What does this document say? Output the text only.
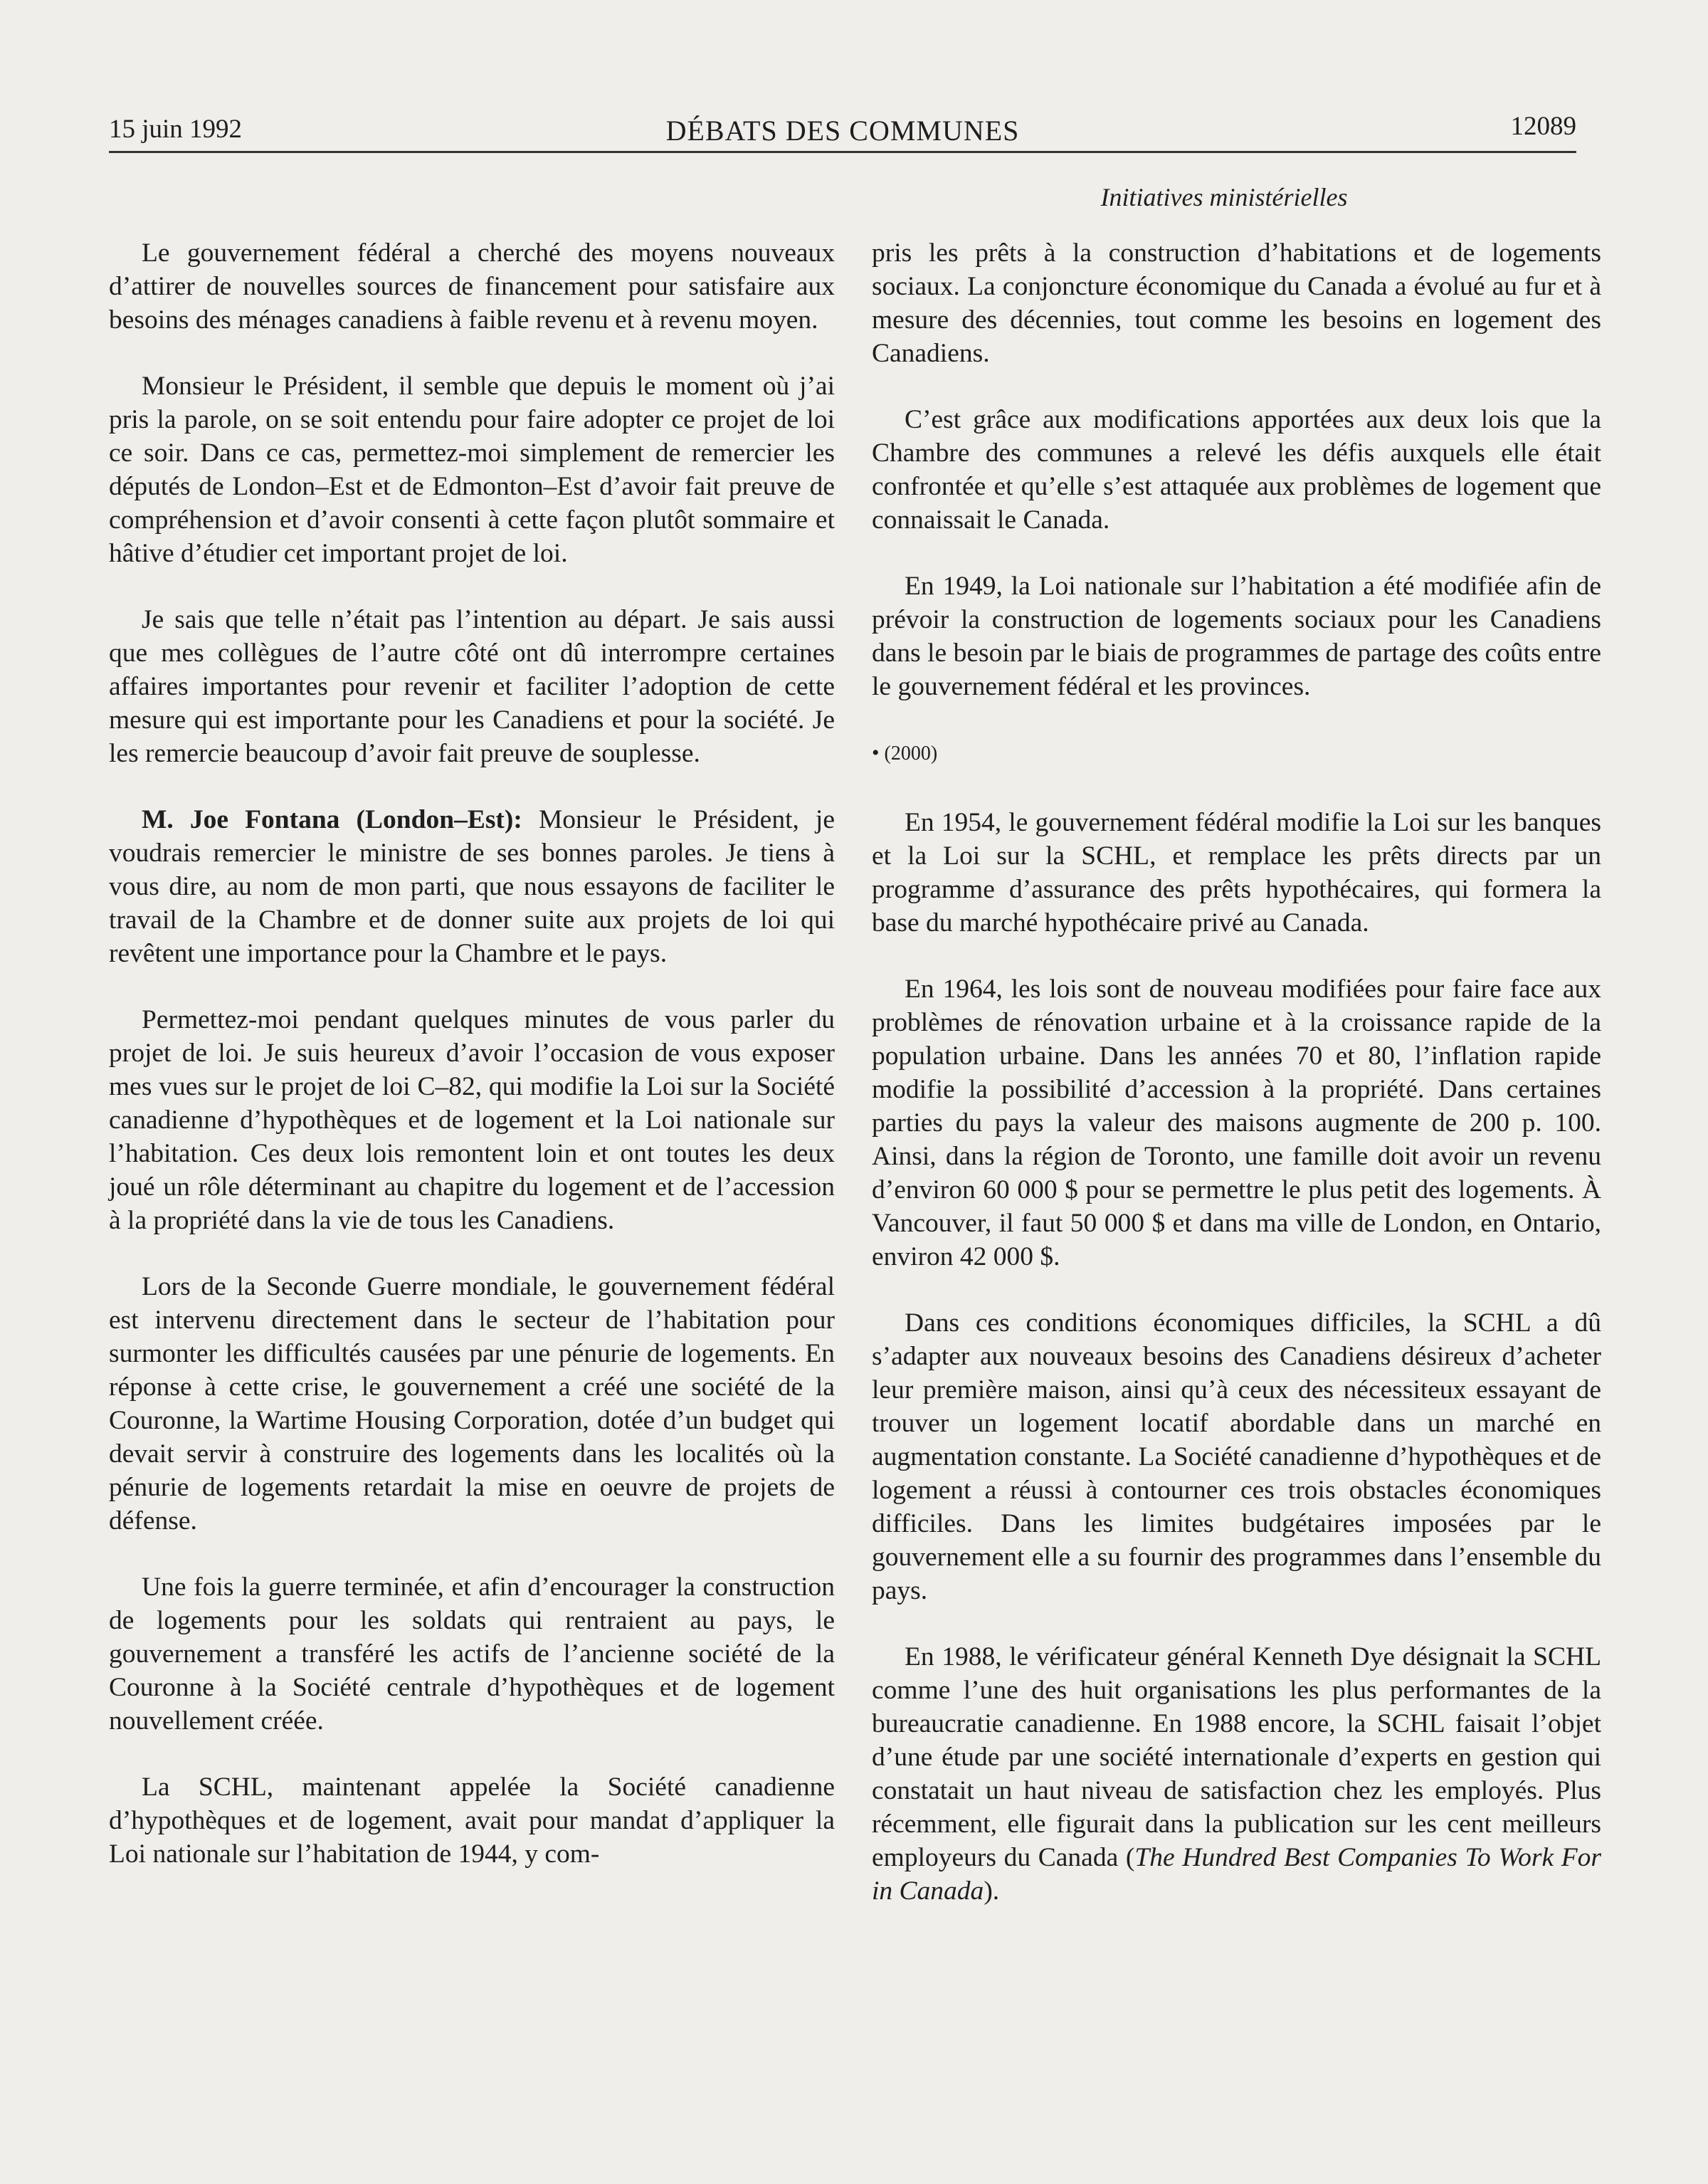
15 juin 1992	DÉBATS DES COMMUNES	12089
Initiatives ministérielles

Le gouvernement fédéral a cherché des moyens nouveaux d’attirer de nouvelles sources de financement pour satisfaire aux besoins des ménages canadiens à faible revenu et à revenu moyen.

Monsieur le Président, il semble que depuis le moment où j’ai pris la parole, on se soit entendu pour faire adopter ce projet de loi ce soir. Dans ce cas, permettez-moi simplement de remercier les députés de London–Est et de Edmonton–Est d’avoir fait preuve de compréhension et d’avoir consenti à cette façon plutôt sommaire et hâtive d’étudier cet important projet de loi.

Je sais que telle n’était pas l’intention au départ. Je sais aussi que mes collègues de l’autre côté ont dû interrompre certaines affaires importantes pour revenir et faciliter l’adoption de cette mesure qui est importante pour les Canadiens et pour la société. Je les remercie beaucoup d’avoir fait preuve de souplesse.

M. Joe Fontana (London–Est): Monsieur le Président, je voudrais remercier le ministre de ses bonnes paroles. Je tiens à vous dire, au nom de mon parti, que nous essayons de faciliter le travail de la Chambre et de donner suite aux projets de loi qui revêtent une importance pour la Chambre et le pays.

Permettez-moi pendant quelques minutes de vous parler du projet de loi. Je suis heureux d’avoir l’occasion de vous exposer mes vues sur le projet de loi C–82, qui modifie la Loi sur la Société canadienne d’hypothèques et de logement et la Loi nationale sur l’habitation. Ces deux lois remontent loin et ont toutes les deux joué un rôle déterminant au chapitre du logement et de l’accession à la propriété dans la vie de tous les Canadiens.

Lors de la Seconde Guerre mondiale, le gouvernement fédéral est intervenu directement dans le secteur de l’habitation pour surmonter les difficultés causées par une pénurie de logements. En réponse à cette crise, le gouvernement a créé une société de la Couronne, la Wartime Housing Corporation, dotée d’un budget qui devait servir à construire des logements dans les localités où la pénurie de logements retardait la mise en oeuvre de projets de défense.

Une fois la guerre terminée, et afin d’encourager la construction de logements pour les soldats qui rentraient au pays, le gouvernement a transféré les actifs de l’ancienne société de la Couronne à la Société centrale d’hypothèques et de logement nouvellement créée.

La SCHL, maintenant appelée la Société canadienne d’hypothèques et de logement, avait pour mandat d’appliquer la Loi nationale sur l’habitation de 1944, y com-

pris les prêts à la construction d’habitations et de logements sociaux. La conjoncture économique du Canada a évolué au fur et à mesure des décennies, tout comme les besoins en logement des Canadiens.

C’est grâce aux modifications apportées aux deux lois que la Chambre des communes a relevé les défis auxquels elle était confrontée et qu’elle s’est attaquée aux problèmes de logement que connaissait le Canada.

En 1949, la Loi nationale sur l’habitation a été modifiée afin de prévoir la construction de logements sociaux pour les Canadiens dans le besoin par le biais de programmes de partage des coûts entre le gouvernement fédéral et les provinces.

• (2000)

En 1954, le gouvernement fédéral modifie la Loi sur les banques et la Loi sur la SCHL, et remplace les prêts directs par un programme d’assurance des prêts hypothécaires, qui formera la base du marché hypothécaire privé au Canada.

En 1964, les lois sont de nouveau modifiées pour faire face aux problèmes de rénovation urbaine et à la croissance rapide de la population urbaine. Dans les années 70 et 80, l’inflation rapide modifie la possibilité d’accession à la propriété. Dans certaines parties du pays la valeur des maisons augmente de 200 p. 100. Ainsi, dans la région de Toronto, une famille doit avoir un revenu d’environ 60 000 $ pour se permettre le plus petit des logements. À Vancouver, il faut 50 000 $ et dans ma ville de London, en Ontario, environ 42 000 $.

Dans ces conditions économiques difficiles, la SCHL a dû s’adapter aux nouveaux besoins des Canadiens désireux d’acheter leur première maison, ainsi qu’à ceux des nécessiteux essayant de trouver un logement locatif abordable dans un marché en augmentation constante. La Société canadienne d’hypothèques et de logement a réussi à contourner ces trois obstacles économiques difficiles. Dans les limites budgétaires imposées par le gouvernement elle a su fournir des programmes dans l’ensemble du pays.

En 1988, le vérificateur général Kenneth Dye désignait la SCHL comme l’une des huit organisations les plus performantes de la bureaucratie canadienne. En 1988 encore, la SCHL faisait l’objet d’une étude par une société internationale d’experts en gestion qui constatait un haut niveau de satisfaction chez les employés. Plus récemment, elle figurait dans la publication sur les cent meilleurs employeurs du Canada (The Hundred Best Companies To Work For in Canada).
